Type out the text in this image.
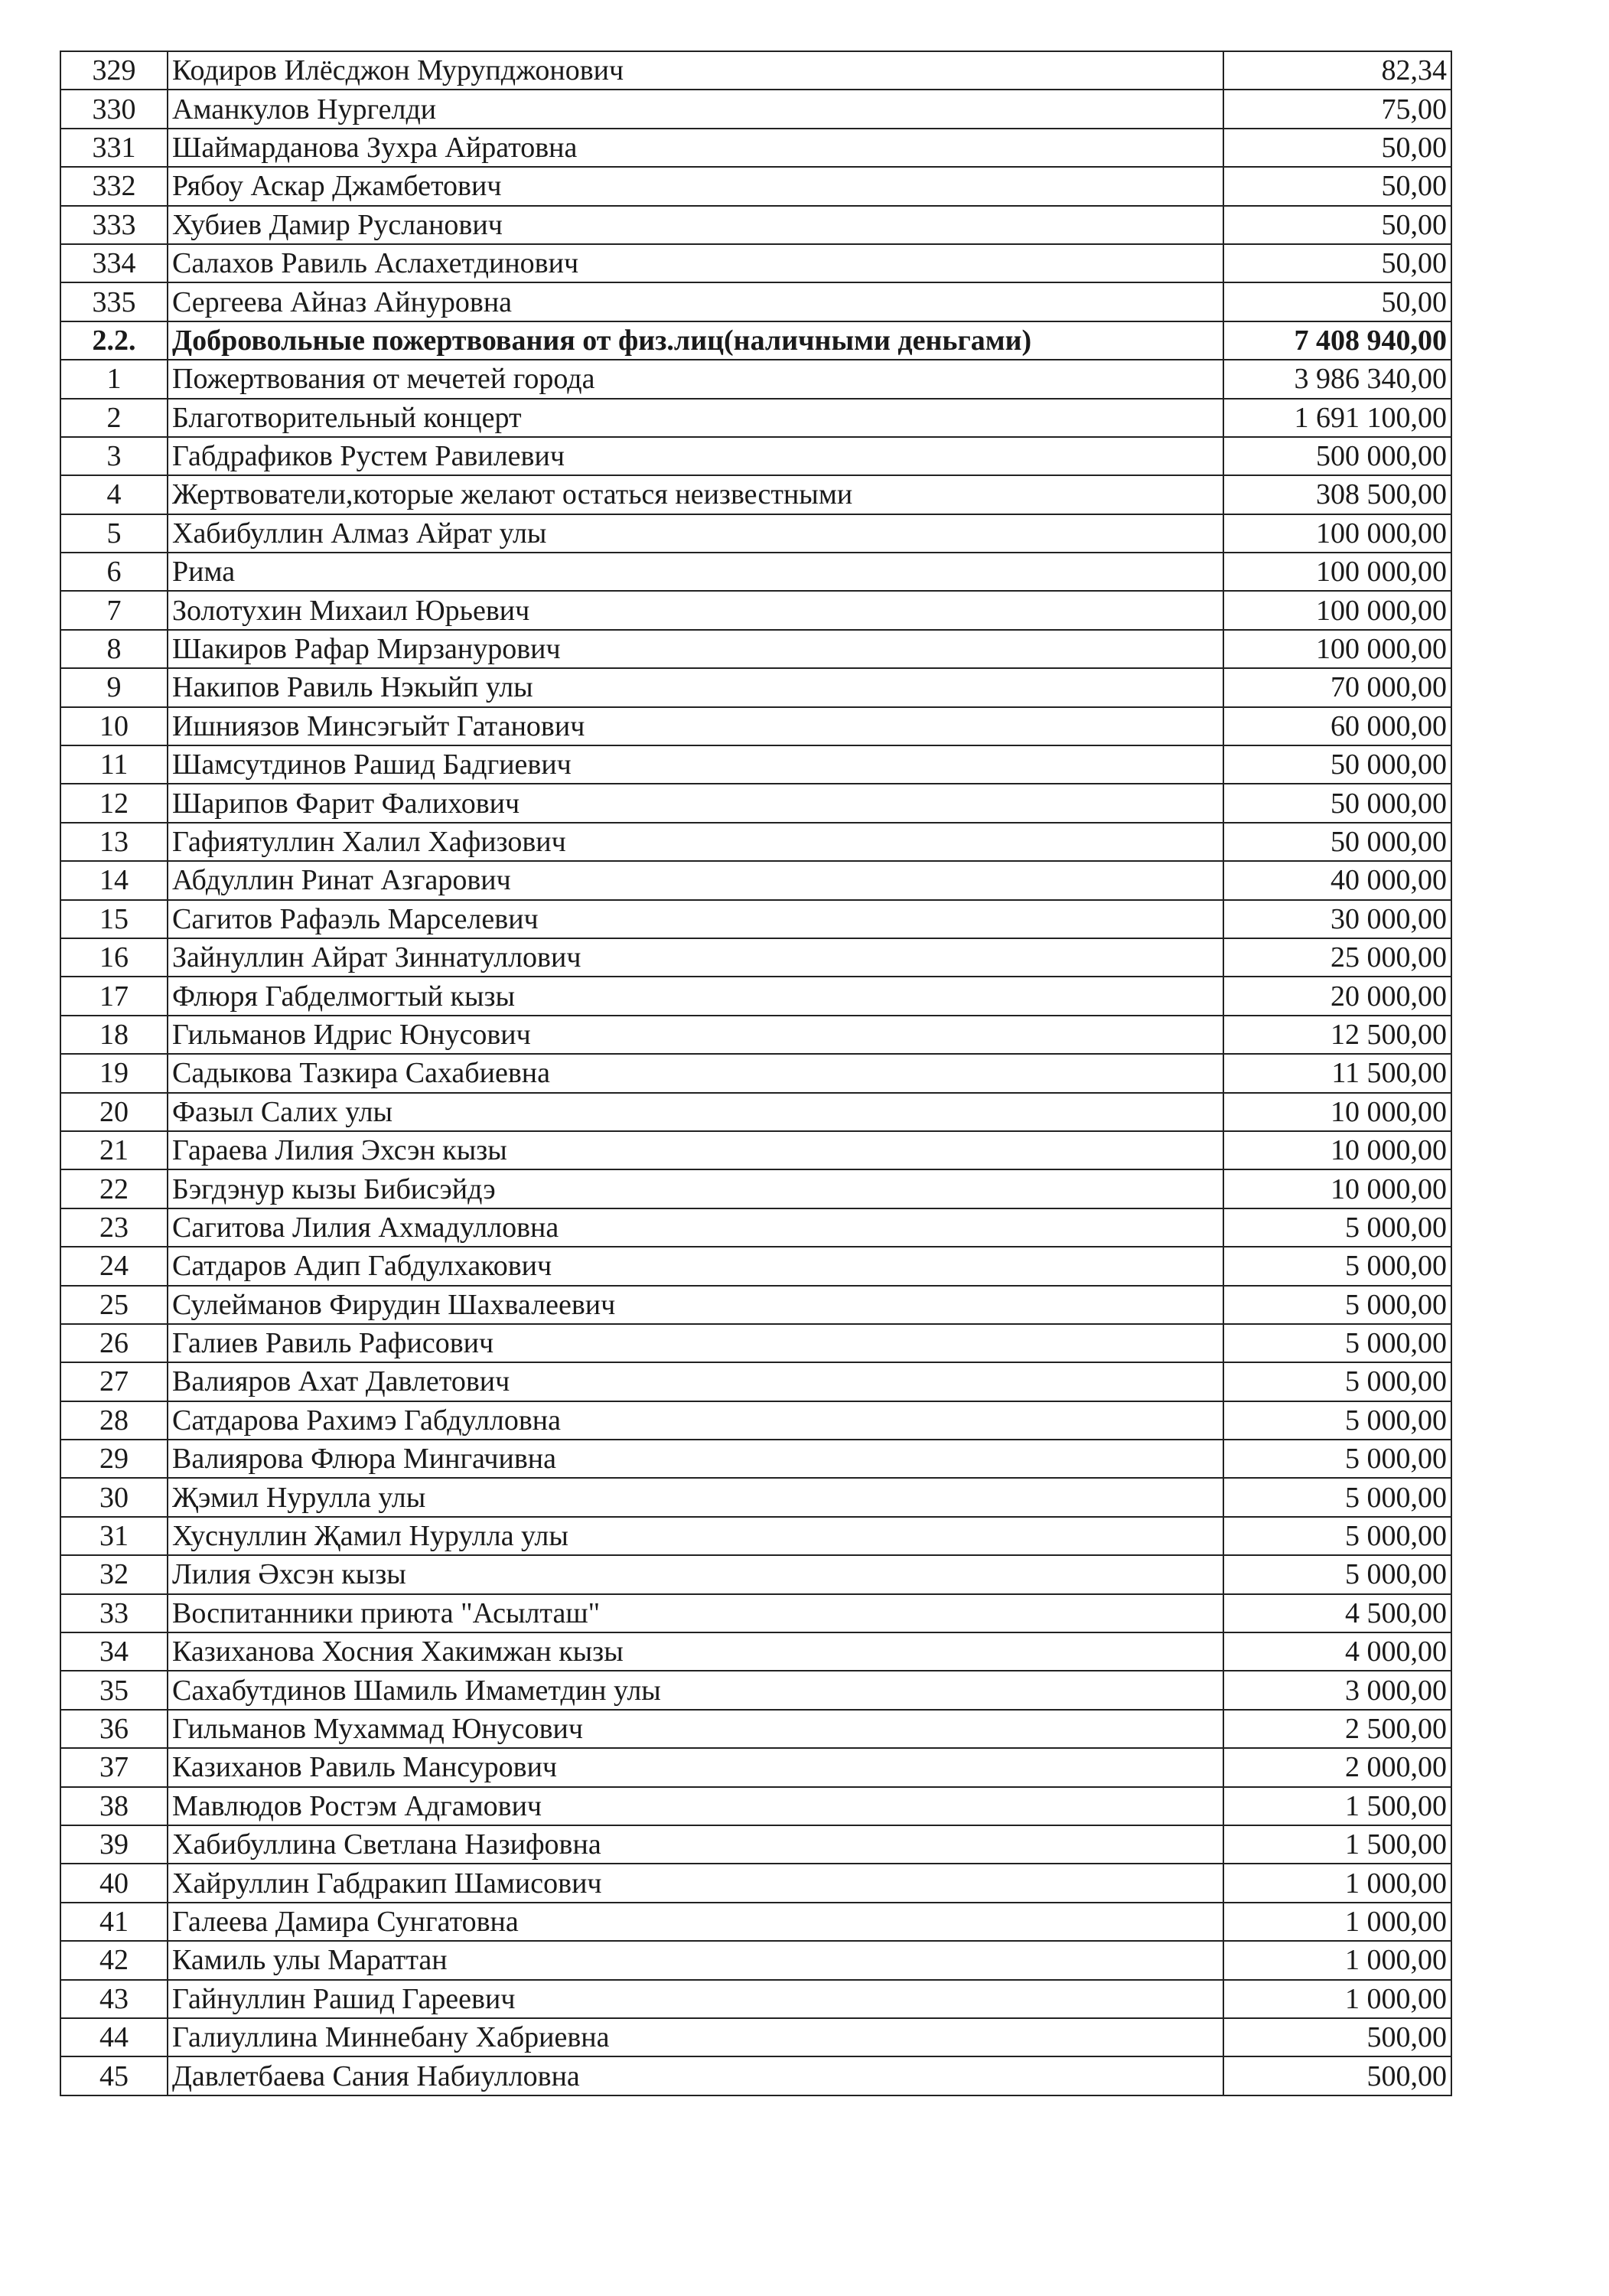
329	Кодиров Илёсджон Мурупджонович	82,34
330	Аманкулов Нургелди	75,00
331	Шаймарданова Зухра Айратовна	50,00
332	Рябоу Аскар Джамбетович	50,00
333	Хубиев Дамир Русланович	50,00
334	Салахов Равиль Аслахетдинович	50,00
335	Сергеева Айназ Айнуровна	50,00
2.2.	Добровольные пожертвования от физ.лиц(наличными деньгами)	7 408 940,00
1	Пожертвования от мечетей города	3 986 340,00
2	Благотворительный концерт	1 691 100,00
3	Габдрафиков Рустем Равилевич	500 000,00
4	Жертвователи,которые желают остаться неизвестными	308 500,00
5	Хабибуллин Алмаз Айрат улы	100 000,00
6	Рима	100 000,00
7	Золотухин Михаил Юрьевич	100 000,00
8	Шакиров Рафар Мирзанурович	100 000,00
9	Накипов Равиль Нэкыйп улы	70 000,00
10	Ишниязов Минсэгыйт Гатанович	60 000,00
11	Шамсутдинов Рашид Бадгиевич	50 000,00
12	Шарипов Фарит Фалихович	50 000,00
13	Гафиятуллин Халил Хафизович	50 000,00
14	Абдуллин Ринат Азгарович	40 000,00
15	Сагитов Рафаэль Марселевич	30 000,00
16	Зайнуллин Айрат Зиннатуллович	25 000,00
17	Флюря Габделмогтый кызы	20 000,00
18	Гильманов Идрис Юнусович	12 500,00
19	Садыкова Тазкира Сахабиевна	11 500,00
20	Фазыл Салих улы	10 000,00
21	Гараева Лилия Эхсэн кызы	10 000,00
22	Бэгдэнур кызы Бибисэйдэ	10 000,00
23	Сагитова Лилия Ахмадулловна	5 000,00
24	Сатдаров Адип Габдулхакович	5 000,00
25	Сулейманов Фирудин Шахвалеевич	5 000,00
26	Галиев Равиль Рафисович	5 000,00
27	Валияров Ахат Давлетович	5 000,00
28	Сатдарова Рахимэ Габдулловна	5 000,00
29	Валиярова Флюра Мингачивна	5 000,00
30	Җэмил Нурулла улы	5 000,00
31	Хуснуллин Җамил Нурулла улы	5 000,00
32	Лилия Әхсэн кызы	5 000,00
33	Воспитанники приюта "Асылташ"	4 500,00
34	Казиханова Хосния Хакимжан кызы	4 000,00
35	Сахабутдинов Шамиль Имаметдин улы	3 000,00
36	Гильманов Мухаммад Юнусович	2 500,00
37	Казиханов Равиль Мансурович	2 000,00
38	Мавлюдов Ростэм Адгамович	1 500,00
39	Хабибуллина Светлана Назифовна	1 500,00
40	Хайруллин Габдракип Шамисович	1 000,00
41	Галеева Дамира Сунгатовна	1 000,00
42	Камиль улы Мараттан	1 000,00
43	Гайнуллин Рашид Гареевич	1 000,00
44	Галиуллина Миннебану Хабриевна	500,00
45	Давлетбаева Сания Набиулловна	500,00
